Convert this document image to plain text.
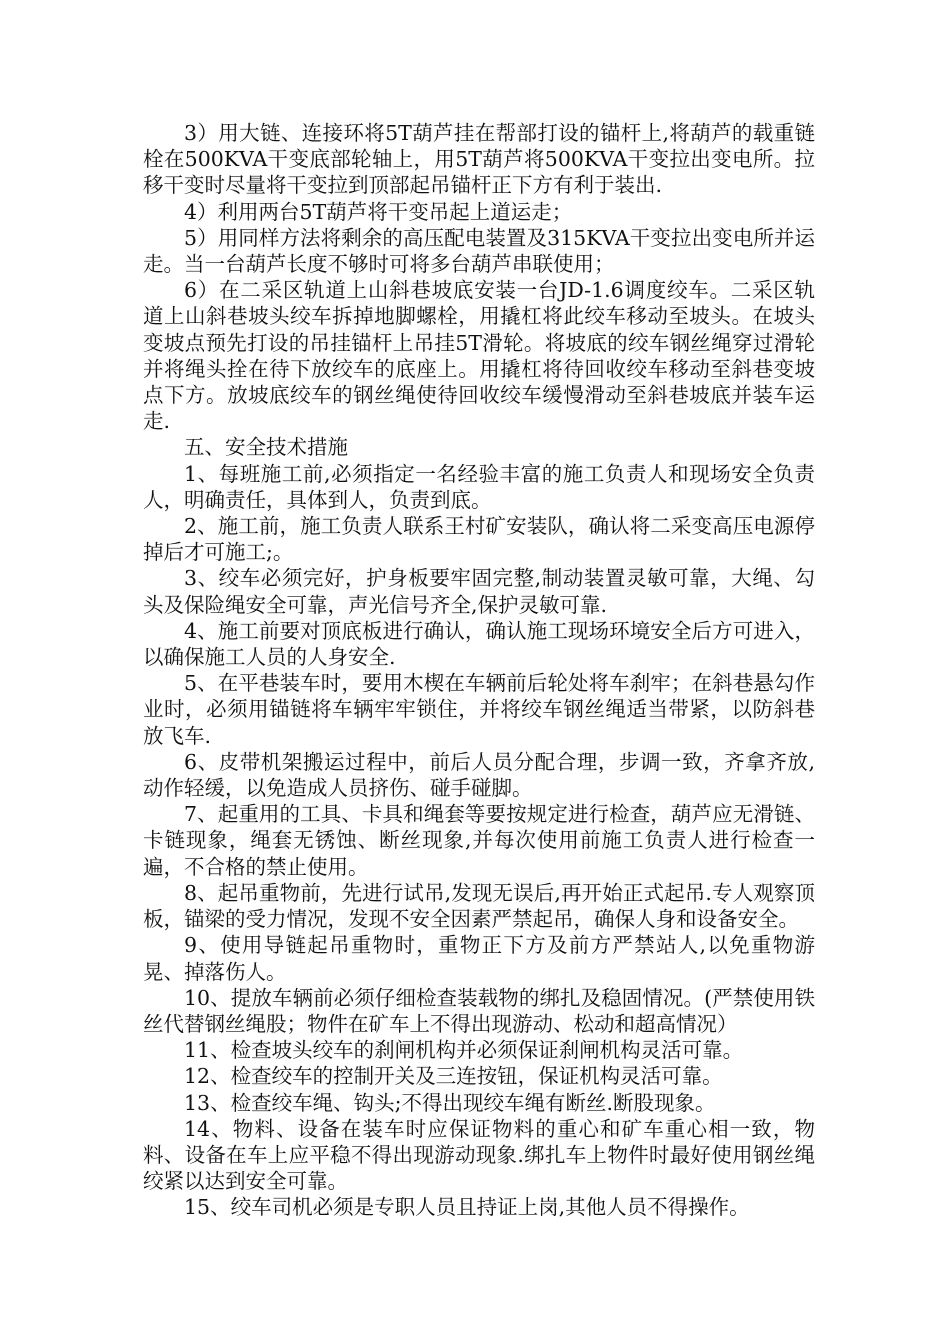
3）用大链、连接环将5T葫芦挂在帮部打设的锚杆上,将葫芦的载重链栓在500KVA干变底部轮轴上，用5T葫芦将500KVA干变拉出变电所。拉移干变时尽量将干变拉到顶部起吊锚杆正下方有利于装出.

4）利用两台5T葫芦将干变吊起上道运走；

5）用同样方法将剩余的高压配电装置及315KVA干变拉出变电所并运走。当一台葫芦长度不够时可将多台葫芦串联使用；

6）在二采区轨道上山斜巷坡底安装一台JD-1.6调度绞车。二采区轨道上山斜巷坡头绞车拆掉地脚螺栓，用撬杠将此绞车移动至坡头。在坡头变坡点预先打设的吊挂锚杆上吊挂5T滑轮。将坡底的绞车钢丝绳穿过滑轮并将绳头拴在待下放绞车的底座上。用撬杠将待回收绞车移动至斜巷变坡点下方。放坡底绞车的钢丝绳使待回收绞车缓慢滑动至斜巷坡底并装车运走.

五、安全技术措施

1、每班施工前,必须指定一名经验丰富的施工负责人和现场安全负责人，明确责任，具体到人，负责到底。

2、施工前，施工负责人联系王村矿安装队，确认将二采变高压电源停掉后才可施工;。

3、绞车必须完好，护身板要牢固完整,制动装置灵敏可靠，大绳、勾头及保险绳安全可靠，声光信号齐全,保护灵敏可靠.

4、施工前要对顶底板进行确认，确认施工现场环境安全后方可进入，以确保施工人员的人身安全.

5、在平巷装车时，要用木楔在车辆前后轮处将车刹牢；在斜巷悬勾作业时，必须用锚链将车辆牢牢锁住，并将绞车钢丝绳适当带紧，以防斜巷放飞车.

6、皮带机架搬运过程中，前后人员分配合理，步调一致，齐拿齐放,动作轻缓，以免造成人员挤伤、碰手碰脚。

7、起重用的工具、卡具和绳套等要按规定进行检查，葫芦应无滑链、卡链现象，绳套无锈蚀、断丝现象,并每次使用前施工负责人进行检查一遍，不合格的禁止使用。

8、起吊重物前，先进行试吊,发现无误后,再开始正式起吊.专人观察顶板，锚梁的受力情况，发现不安全因素严禁起吊，确保人身和设备安全。

9、使用导链起吊重物时，重物正下方及前方严禁站人,以免重物游晃、掉落伤人。

10、提放车辆前必须仔细检查装载物的绑扎及稳固情况。(严禁使用铁丝代替钢丝绳股；物件在矿车上不得出现游动、松动和超高情况）

11、检查坡头绞车的刹闸机构并必须保证刹闸机构灵活可靠。

12、检查绞车的控制开关及三连按钮，保证机构灵活可靠。

13、检查绞车绳、钩头;不得出现绞车绳有断丝.断股现象。

14、物料、设备在装车时应保证物料的重心和矿车重心相一致，物料、设备在车上应平稳不得出现游动现象.绑扎车上物件时最好使用钢丝绳绞紧以达到安全可靠。

15、绞车司机必须是专职人员且持证上岗,其他人员不得操作。
